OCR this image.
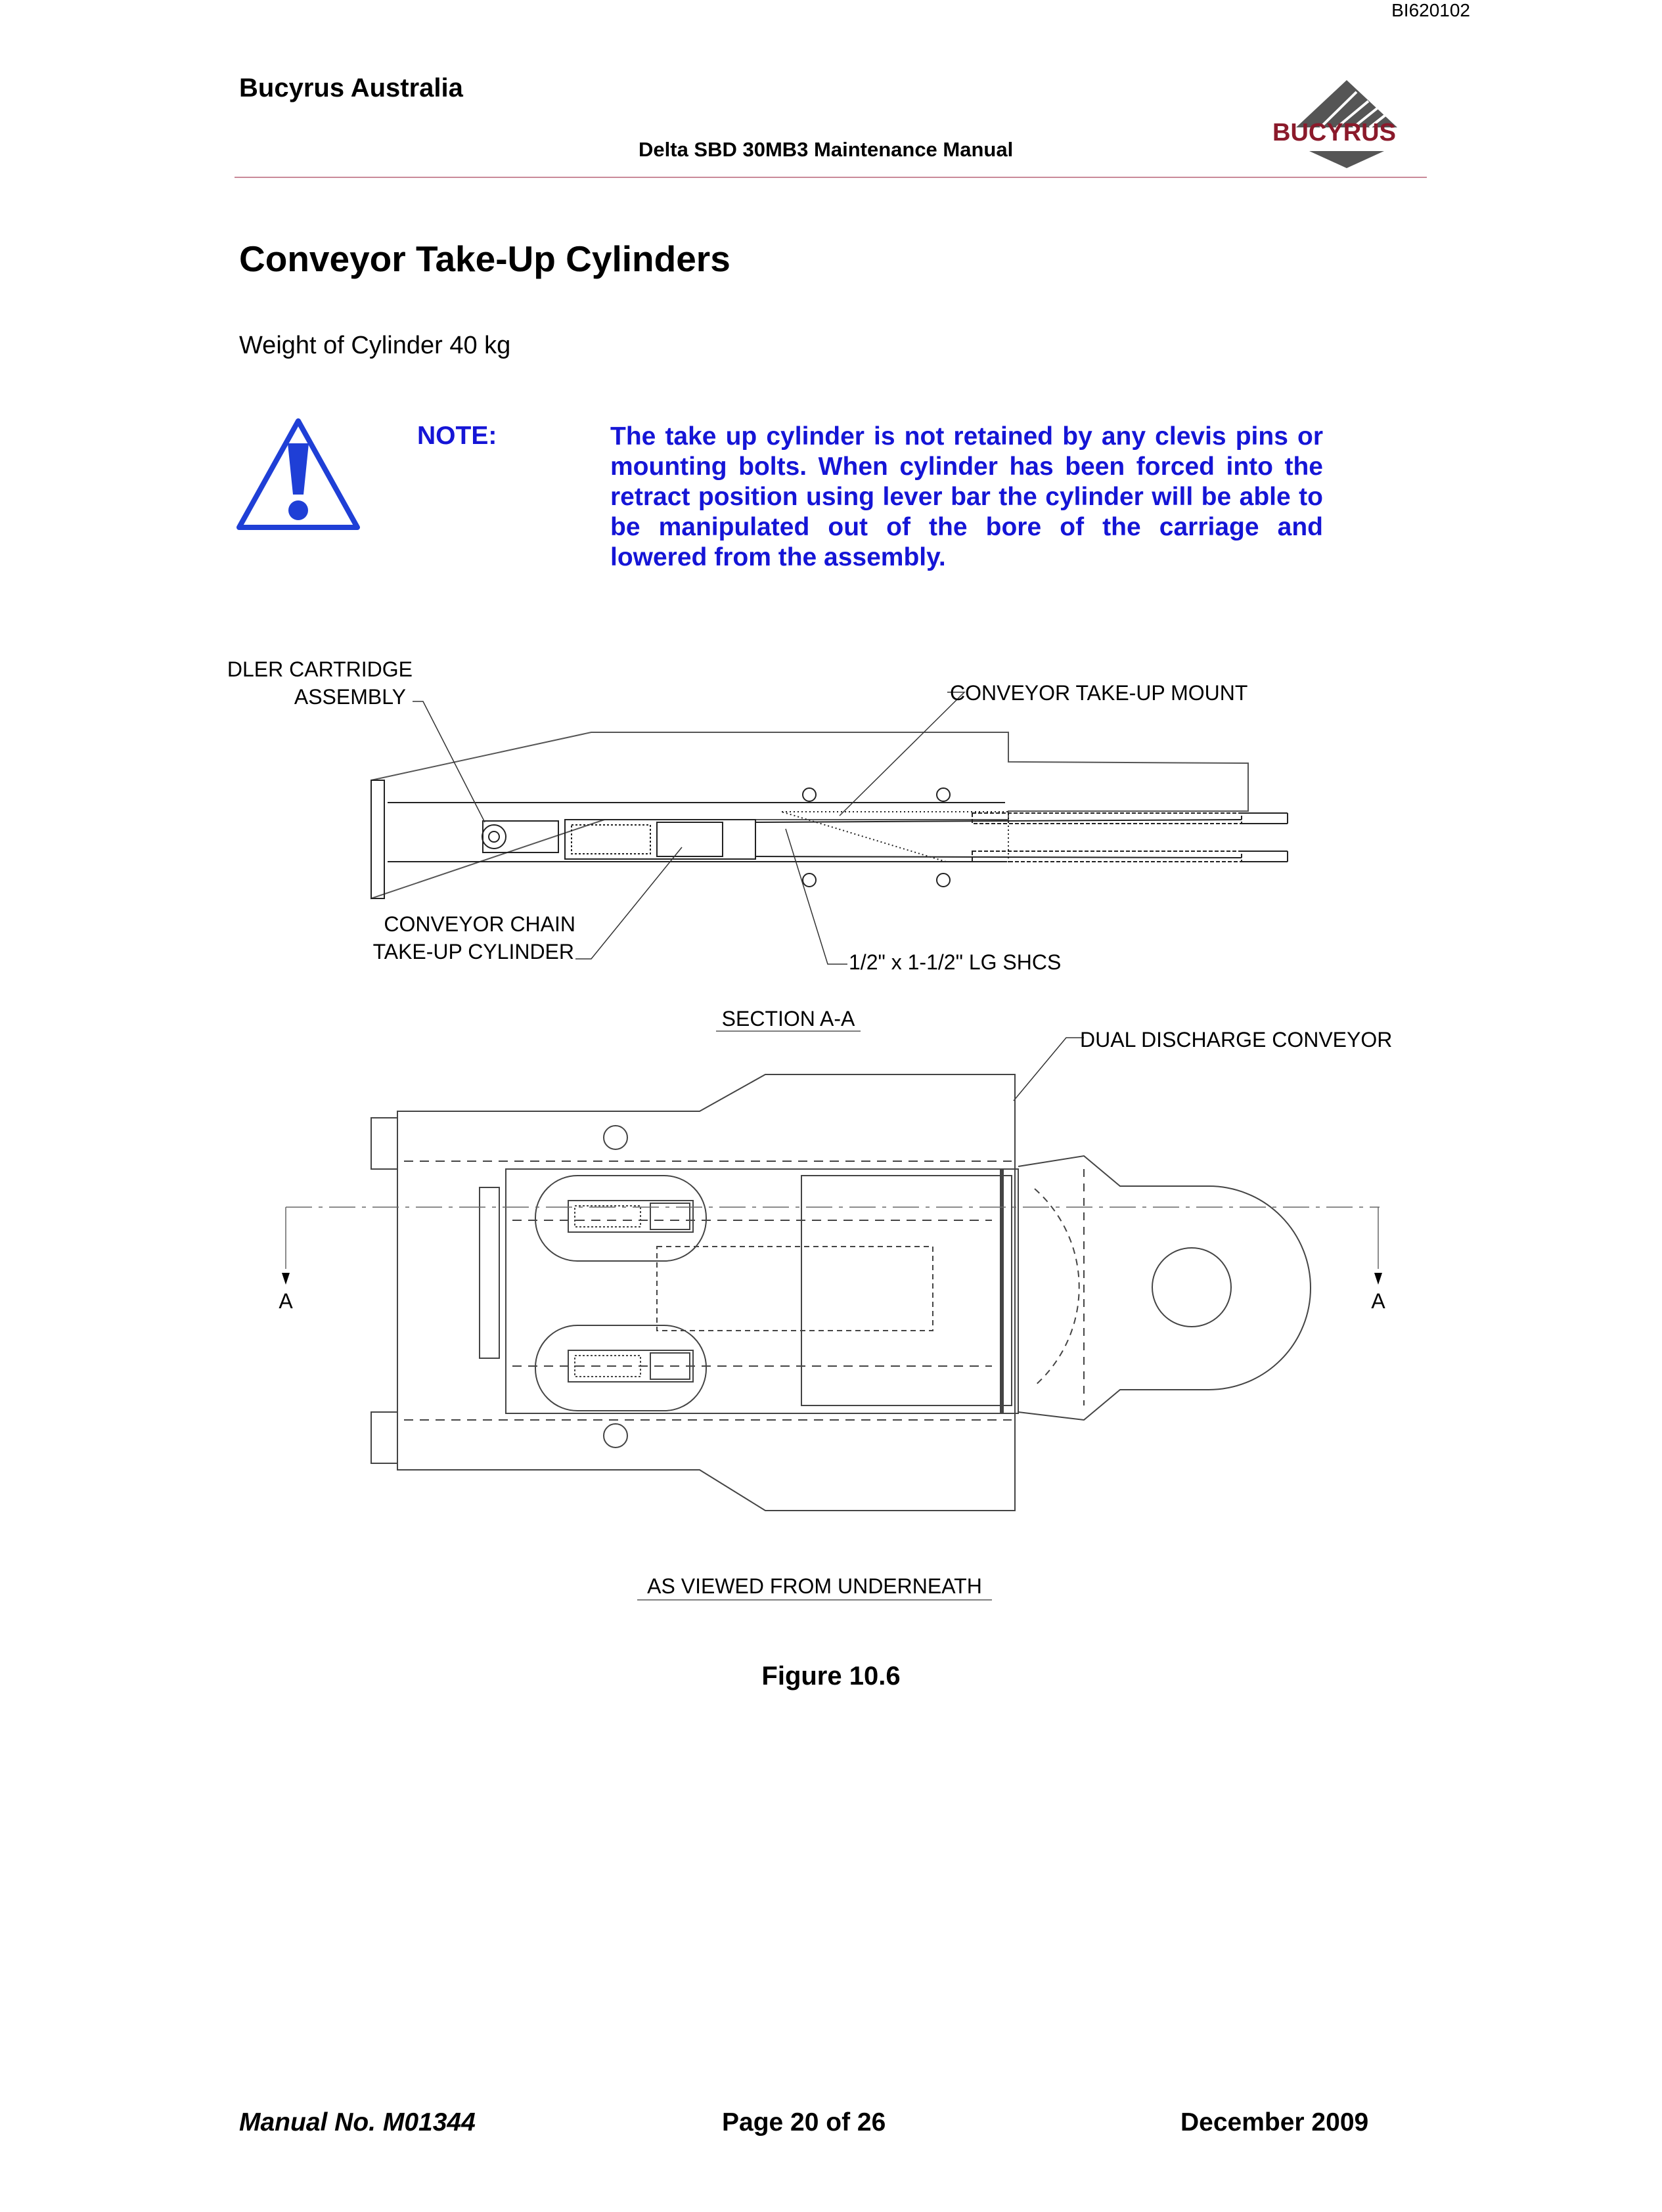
BI620102
Bucyrus Australia
Delta SBD 30MB3 Maintenance Manual
BUCYRUS
Conveyor Take-Up Cylinders
Weight of Cylinder 40 kg
NOTE:	The take up cylinder is not retained by any clevis pins or mounting bolts. When cylinder has been forced into the retract position using lever bar the cylinder will be able to be manipulated out of the bore of the carriage and lowered from the assembly.
DLER CARTRIDGE
ASSEMBLY	CONVEYOR TAKE-UP MOUNT
CONVEYOR CHAIN
TAKE-UP CYLINDER	1/2" x 1-1/2" LG SHCS
SECTION A-A
DUAL DISCHARGE CONVEYOR
A	A
AS VIEWED FROM UNDERNEATH
Figure 10.6
Manual No. M01344	Page 20 of 26	December 2009
